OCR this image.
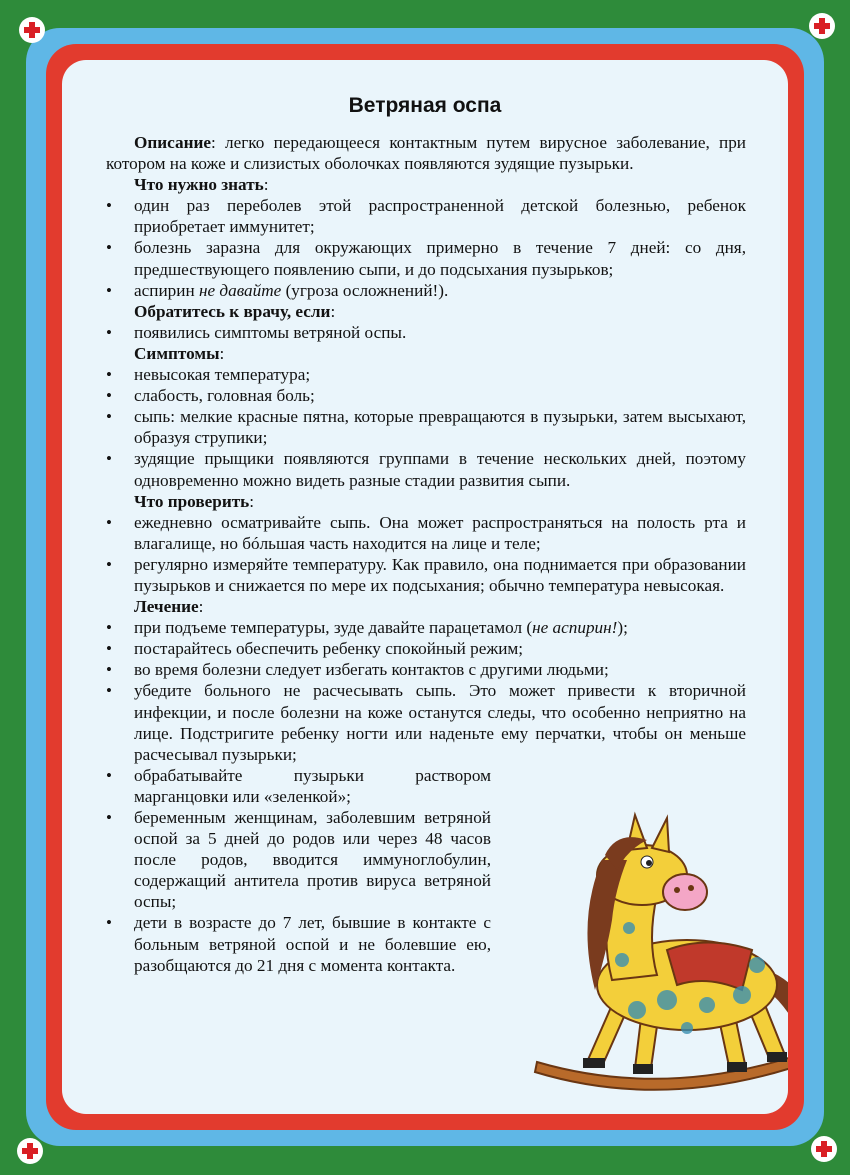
Ветряная оспа

Описание: легко передающееся контактным путем вирусное заболевание, при котором на коже и слизистых оболочках появляются зудящие пузырьки.

Что нужно знать:

• один раз переболев этой распространенной детской болезнью, ребенок приобретает иммунитет;
• болезнь заразна для окружающих примерно в течение 7 дней: со дня, предшествующего появлению сыпи, и до подсыхания пузырьков;
• аспирин не давайте (угроза осложнений!).

Обратитесь к врачу, если:

• появились симптомы ветряной оспы.

Симптомы:

• невысокая температура;
• слабость, головная боль;
• сыпь: мелкие красные пятна, которые превращаются в пузырьки, затем высыхают, образуя струпики;
• зудящие прыщики появляются группами в течение нескольких дней, поэтому одновременно можно видеть разные стадии развития сыпи.

Что проверить:

• ежедневно осматривайте сыпь. Она может распространяться на полость рта и влагалище, но бóльшая часть находится на лице и теле;
• регулярно измеряйте температуру. Как правило, она поднимается при образовании пузырьков и снижается по мере их подсыхания; обычно температура невысокая.

Лечение:

• при подъеме температуры, зуде давайте парацетамол (не аспирин!);
• постарайтесь обеспечить ребенку спокойный режим;
• во время болезни следует избегать контактов с другими людьми;
• убедите больного не расчесывать сыпь. Это может привести к вторичной инфекции, и после болезни на коже останутся следы, что особенно неприятно на лице. Подстригите ребенку ногти или наденьте ему перчатки, чтобы он меньше расчесывал пузырьки;
• обрабатывайте пузырьки раствором марганцовки или «зеленкой»;
• беременным женщинам, заболевшим ветряной оспой за 5 дней до родов или через 48 часов после родов, вводится иммуноглобулин, содержащий антитела против вируса ветряной оспы;
• дети в возрасте до 7 лет, бывшие в контакте с больным ветряной оспой и не болевшие ею, разобщаются до 21 дня с момента контакта.
